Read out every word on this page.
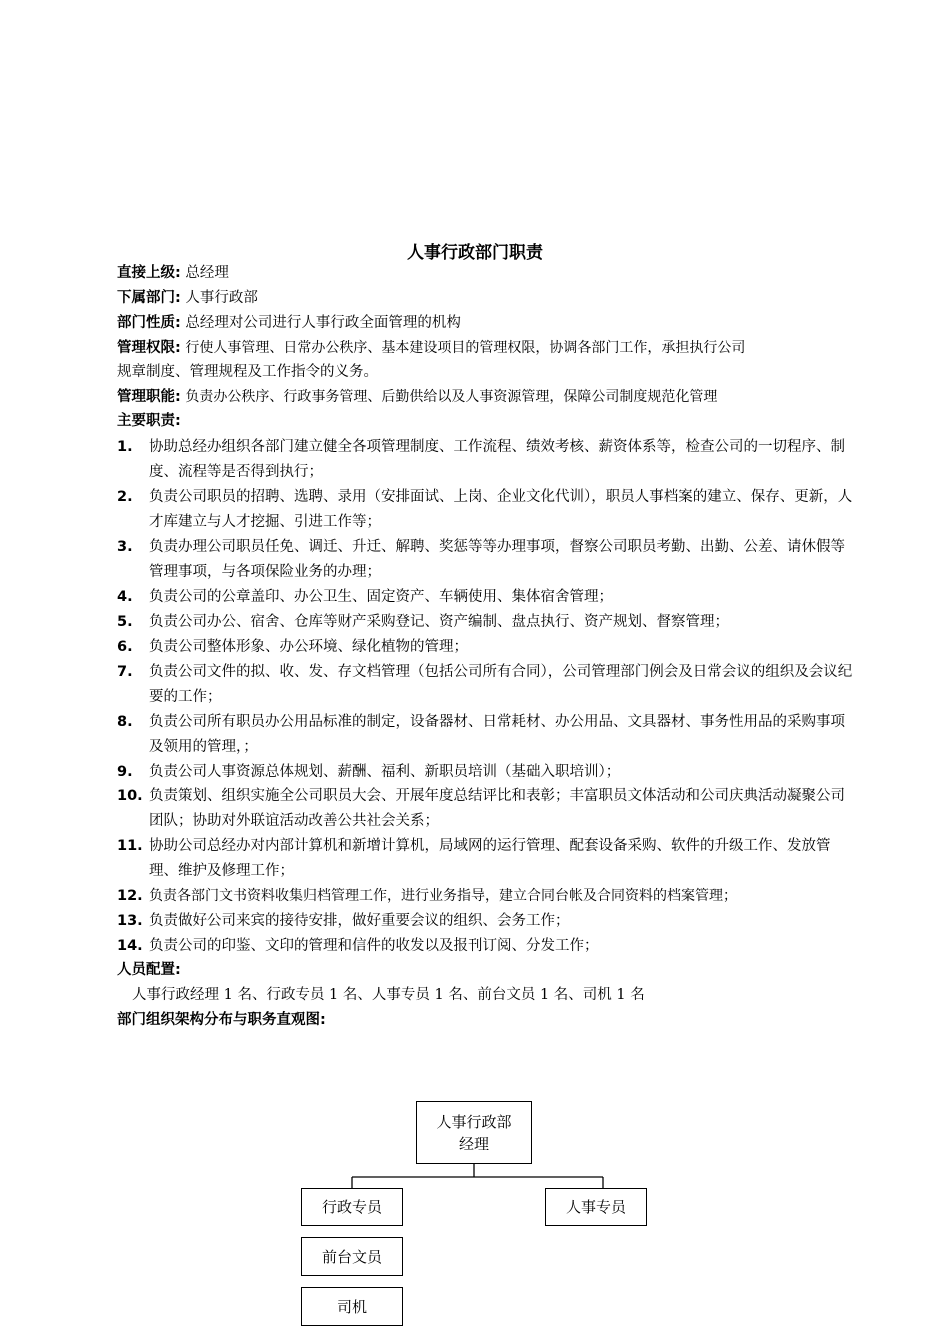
人事行政部门职责
直接上级: 总经理
下属部门: 人事行政部
部门性质: 总经理对公司进行人事行政全面管理的机构
管理权限: 行使人事管理、日常办公秩序、基本建设项目的管理权限，协调各部门工作，承担执行公司
规章制度、管理规程及工作指令的义务。
管理职能: 负责办公秩序、行政事务管理、后勤供给以及人事资源管理，保障公司制度规范化管理
主要职责:
1. 协助总经办组织各部门建立健全各项管理制度、工作流程、绩效考核、薪资体系等，检查公司的一切程序、制度、流程等是否得到执行；
2. 负责公司职员的招聘、选聘、录用（安排面试、上岗、企业文化代训），职员人事档案的建立、保存、更新，人才库建立与人才挖掘、引进工作等；
3. 负责办理公司职员任免、调迁、升迁、解聘、奖惩等等办理事项，督察公司职员考勤、出勤、公差、请休假等管理事项，与各项保险业务的办理；
4. 负责公司的公章盖印、办公卫生、固定资产、车辆使用、集体宿舍管理；
5. 负责公司办公、宿舍、仓库等财产采购登记、资产编制、盘点执行、资产规划、督察管理；
6. 负责公司整体形象、办公环境、绿化植物的管理；
7. 负责公司文件的拟、收、发、存文档管理（包括公司所有合同），公司管理部门例会及日常会议的组织及会议纪要的工作；
8. 负责公司所有职员办公用品标准的制定，设备器材、日常耗材、办公用品、文具器材、事务性用品的采购事项及领用的管理，；
9. 负责公司人事资源总体规划、薪酬、福利、新职员培训（基础入职培训）；
10. 负责策划、组织实施全公司职员大会、开展年度总结评比和表彰；丰富职员文体活动和公司庆典活动凝聚公司团队；协助对外联谊活动改善公共社会关系；
11. 协助公司总经办对内部计算机和新增计算机，局域网的运行管理、配套设备采购、软件的升级工作、发放管理、维护及修理工作；
12. 负责各部门文书资料收集归档管理工作，进行业务指导，建立合同台帐及合同资料的档案管理；
13. 负责做好公司来宾的接待安排，做好重要会议的组织、会务工作；
14. 负责公司的印鉴、文印的管理和信件的收发以及报刊订阅、分发工作；
人员配置:
人事行政经理 1 名、行政专员 1 名、人事专员 1 名、前台文员 1 名、司机 1 名
部门组织架构分布与职务直观图:
人事行政部
经理
行政专员	人事专员
前台文员
司机
